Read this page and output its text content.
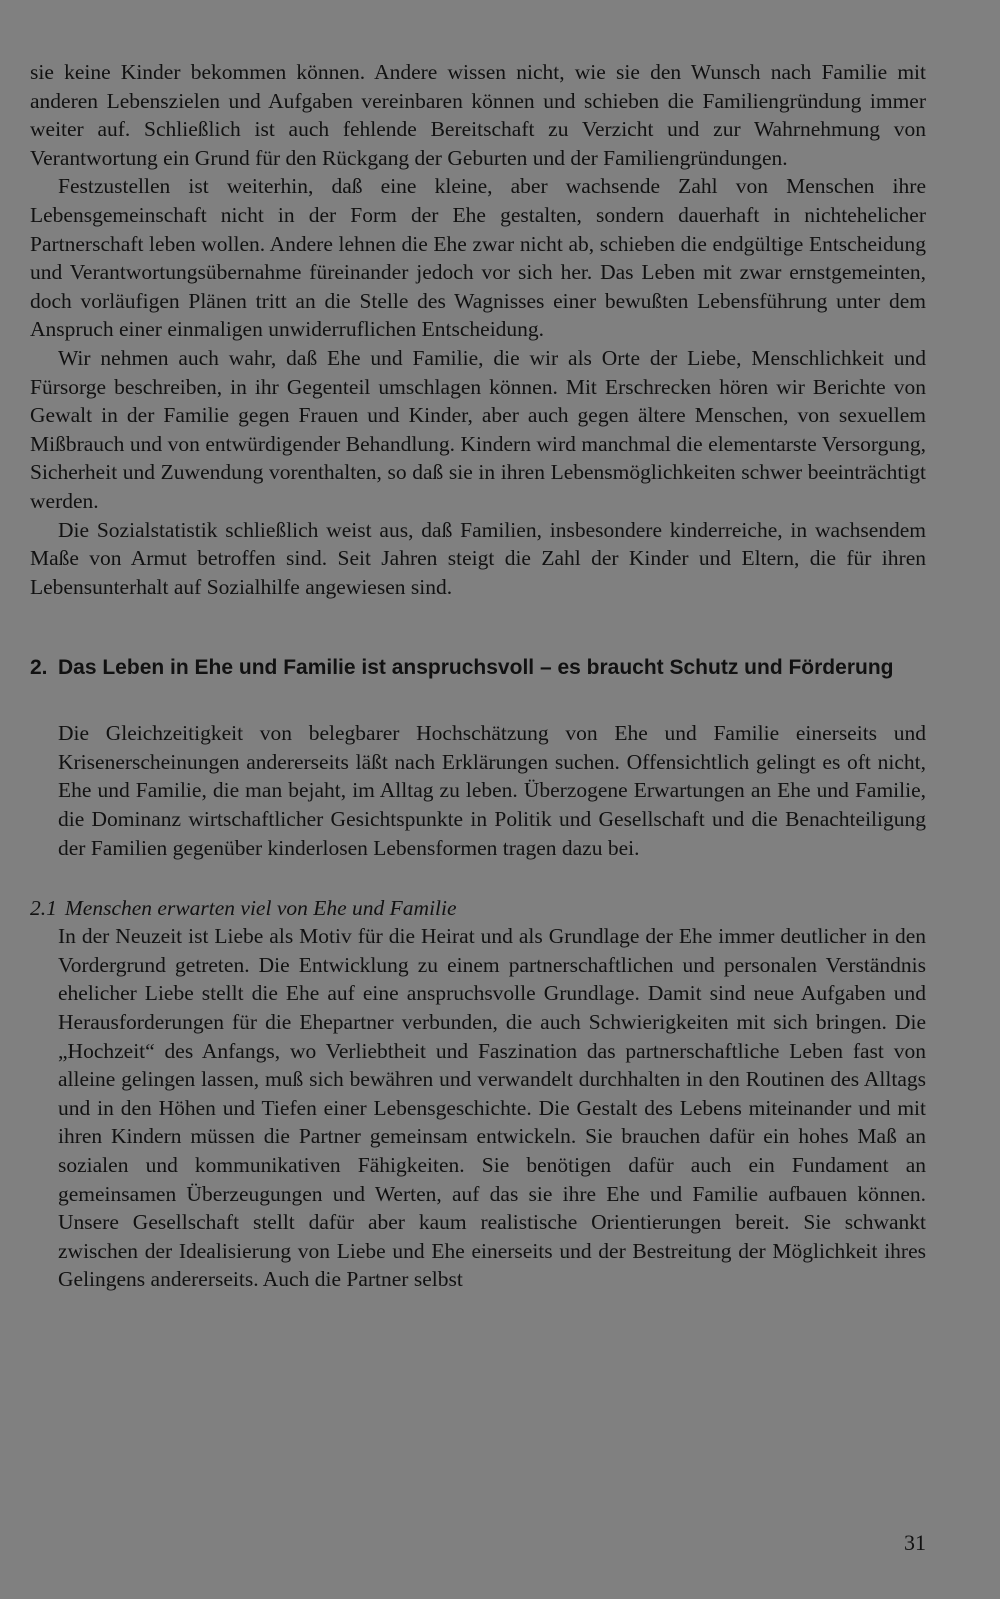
sie keine Kinder bekommen können. Andere wissen nicht, wie sie den Wunsch nach Familie mit anderen Lebenszielen und Aufgaben vereinbaren können und schieben die Familiengründung immer weiter auf. Schließlich ist auch fehlende Bereitschaft zu Verzicht und zur Wahrnehmung von Verantwortung ein Grund für den Rückgang der Geburten und der Familiengründungen.

Festzustellen ist weiterhin, daß eine kleine, aber wachsende Zahl von Menschen ihre Lebensgemeinschaft nicht in der Form der Ehe gestalten, sondern dauerhaft in nichtehelicher Partnerschaft leben wollen. Andere lehnen die Ehe zwar nicht ab, schieben die endgültige Entscheidung und Verantwortungsübernahme füreinander jedoch vor sich her. Das Leben mit zwar ernstgemeinten, doch vorläufigen Plänen tritt an die Stelle des Wagnisses einer bewußten Lebensführung unter dem Anspruch einer einmaligen unwiderruflichen Entscheidung.

Wir nehmen auch wahr, daß Ehe und Familie, die wir als Orte der Liebe, Menschlichkeit und Fürsorge beschreiben, in ihr Gegenteil umschlagen können. Mit Erschrecken hören wir Berichte von Gewalt in der Familie gegen Frauen und Kinder, aber auch gegen ältere Menschen, von sexuellem Mißbrauch und von entwürdigender Behandlung. Kindern wird manchmal die elementarste Versorgung, Sicherheit und Zuwendung vorenthalten, so daß sie in ihren Lebensmöglichkeiten schwer beeinträchtigt werden.

Die Sozialstatistik schließlich weist aus, daß Familien, insbesondere kinderreiche, in wachsendem Maße von Armut betroffen sind. Seit Jahren steigt die Zahl der Kinder und Eltern, die für ihren Lebensunterhalt auf Sozialhilfe angewiesen sind.

2. Das Leben in Ehe und Familie ist anspruchsvoll – es braucht Schutz und Förderung

Die Gleichzeitigkeit von belegbarer Hochschätzung von Ehe und Familie einerseits und Krisenerscheinungen andererseits läßt nach Erklärungen suchen. Offensichtlich gelingt es oft nicht, Ehe und Familie, die man bejaht, im Alltag zu leben. Überzogene Erwartungen an Ehe und Familie, die Dominanz wirtschaftlicher Gesichtspunkte in Politik und Gesellschaft und die Benachteiligung der Familien gegenüber kinderlosen Lebensformen tragen dazu bei.

2.1 Menschen erwarten viel von Ehe und Familie

In der Neuzeit ist Liebe als Motiv für die Heirat und als Grundlage der Ehe immer deutlicher in den Vordergrund getreten. Die Entwicklung zu einem partnerschaftlichen und personalen Verständnis ehelicher Liebe stellt die Ehe auf eine anspruchsvolle Grundlage. Damit sind neue Aufgaben und Herausforderungen für die Ehepartner verbunden, die auch Schwierigkeiten mit sich bringen. Die „Hochzeit“ des Anfangs, wo Verliebtheit und Faszination das partnerschaftliche Leben fast von alleine gelingen lassen, muß sich bewähren und verwandelt durchhalten in den Routinen des Alltags und in den Höhen und Tiefen einer Lebensgeschichte. Die Gestalt des Lebens miteinander und mit ihren Kindern müssen die Partner gemeinsam entwickeln. Sie brauchen dafür ein hohes Maß an sozialen und kommunikativen Fähigkeiten. Sie benötigen dafür auch ein Fundament an gemeinsamen Überzeugungen und Werten, auf das sie ihre Ehe und Familie aufbauen können. Unsere Gesellschaft stellt dafür aber kaum realistische Orientierungen bereit. Sie schwankt zwischen der Idealisierung von Liebe und Ehe einerseits und der Bestreitung der Möglichkeit ihres Gelingens andererseits. Auch die Partner selbst

31
